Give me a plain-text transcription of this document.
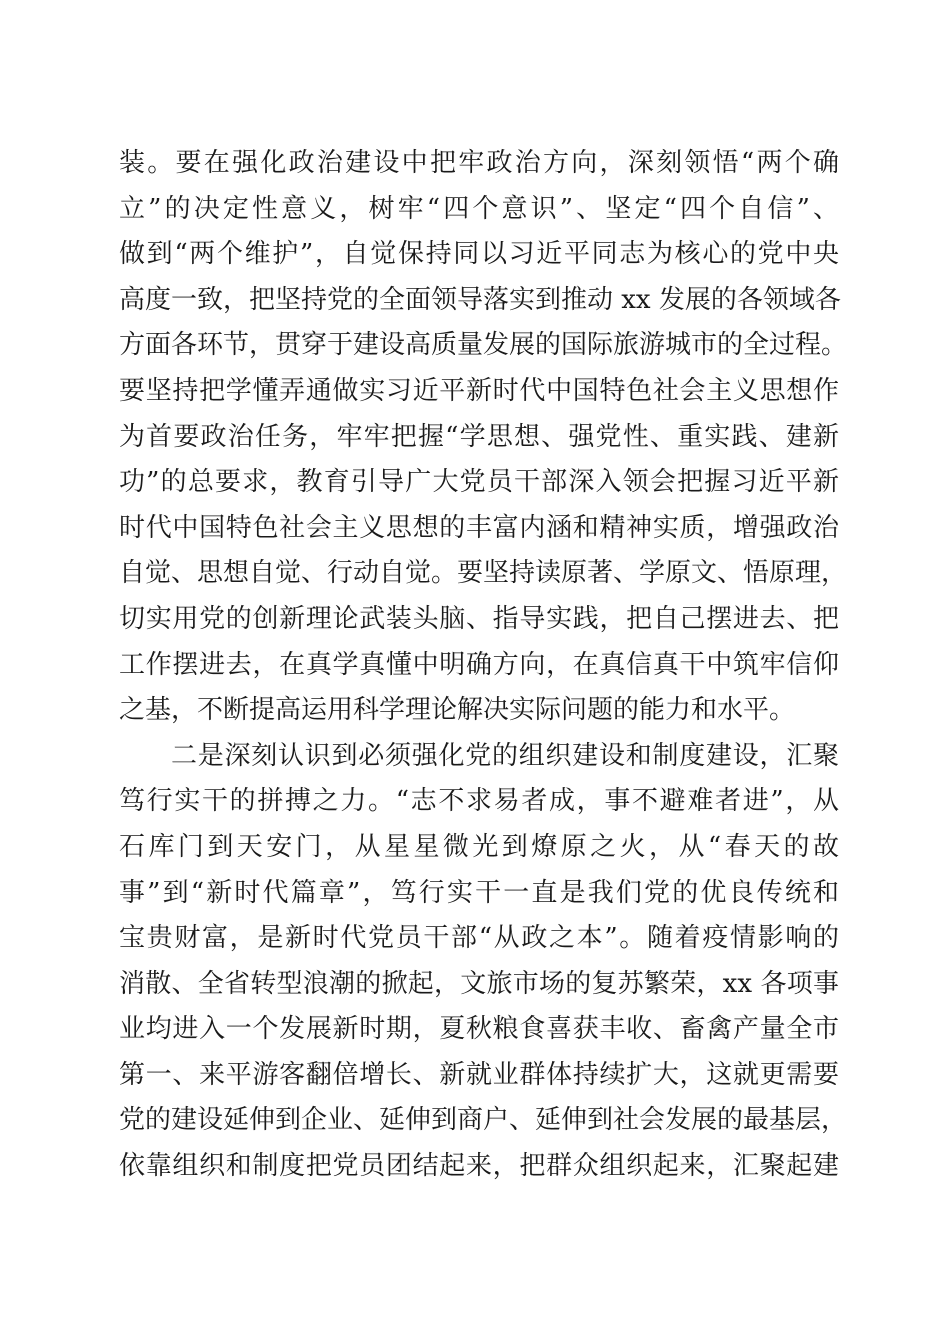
装。要在强化政治建设中把牢政治方向，深刻领悟“两个确
立”的决定性意义，树牢“四个意识”、坚定“四个自信”、
做到“两个维护”，自觉保持同以习近平同志为核心的党中央
高度一致，把坚持党的全面领导落实到推动 xx 发展的各领域各
方面各环节，贯穿于建设高质量发展的国际旅游城市的全过程。
要坚持把学懂弄通做实习近平新时代中国特色社会主义思想作
为首要政治任务，牢牢把握“学思想、强党性、重实践、建新
功”的总要求，教育引导广大党员干部深入领会把握习近平新
时代中国特色社会主义思想的丰富内涵和精神实质，增强政治
自觉、思想自觉、行动自觉。要坚持读原著、学原文、悟原理，
切实用党的创新理论武装头脑、指导实践，把自己摆进去、把
工作摆进去，在真学真懂中明确方向，在真信真干中筑牢信仰
之基，不断提高运用科学理论解决实际问题的能力和水平。
二是深刻认识到必须强化党的组织建设和制度建设，汇聚
笃行实干的拼搏之力。“志不求易者成，事不避难者进”，从
石库门到天安门，从星星微光到燎原之火，从“春天的故
事”到“新时代篇章”，笃行实干一直是我们党的优良传统和
宝贵财富，是新时代党员干部“从政之本”。随着疫情影响的
消散、全省转型浪潮的掀起，文旅市场的复苏繁荣，xx 各项事
业均进入一个发展新时期，夏秋粮食喜获丰收、畜禽产量全市
第一、来平游客翻倍增长、新就业群体持续扩大，这就更需要
党的建设延伸到企业、延伸到商户、延伸到社会发展的最基层，
依靠组织和制度把党员团结起来，把群众组织起来，汇聚起建
